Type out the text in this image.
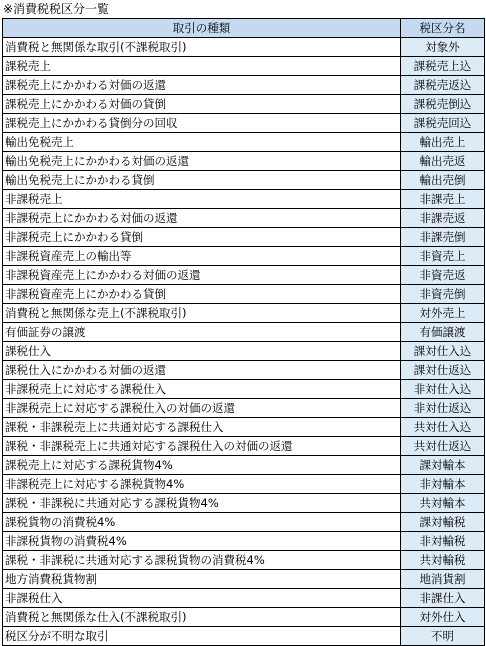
※消費税税区分一覧
取引の種類	税区分名
消費税と無関係な取引(不課税取引)	対象外
課税売上	課税売上込
課税売上にかかわる対価の返還	課税売返込
課税売上にかかわる対価の貸倒	課税売倒込
課税売上にかかわる貸倒分の回収	課税売回込
輸出免税売上	輸出売上
輸出免税売上にかかわる対価の返還	輸出売返
輸出免税売上にかかわる貸倒	輸出売倒
非課税売上	非課売上
非課税売上にかかわる対価の返還	非課売返
非課税売上にかかわる貸倒	非課売倒
非課税資産売上の輸出等	非資売上
非課税資産売上にかかわる対価の返還	非資売返
非課税資産売上にかかわる貸倒	非資売倒
消費税と無関係な売上(不課税取引)	対外売上
有価証券の譲渡	有価譲渡
課税仕入	課対仕入込
課税仕入にかかわる対価の返還	課対仕返込
非課税売上に対応する課税仕入	非対仕入込
非課税売上に対応する課税仕入の対価の返還	非対仕返込
課税・非課税売上に共通対応する課税仕入	共対仕入込
課税・非課税売上に共通対応する課税仕入の対価の返還	共対仕返込
課税売上に対応する課税貨物4%	課対輸本
非課税売上に対応する課税貨物4%	非対輸本
課税・非課税に共通対応する課税貨物4%	共対輸本
課税貨物の消費税4%	課対輸税
非課税貨物の消費税4%	非対輸税
課税・非課税に共通対応する課税貨物の消費税4%	共対輸税
地方消費税貨物割	地消貨割
非課税仕入	非課仕入
消費税と無関係な仕入(不課税取引)	対外仕入
税区分が不明な取引	不明
